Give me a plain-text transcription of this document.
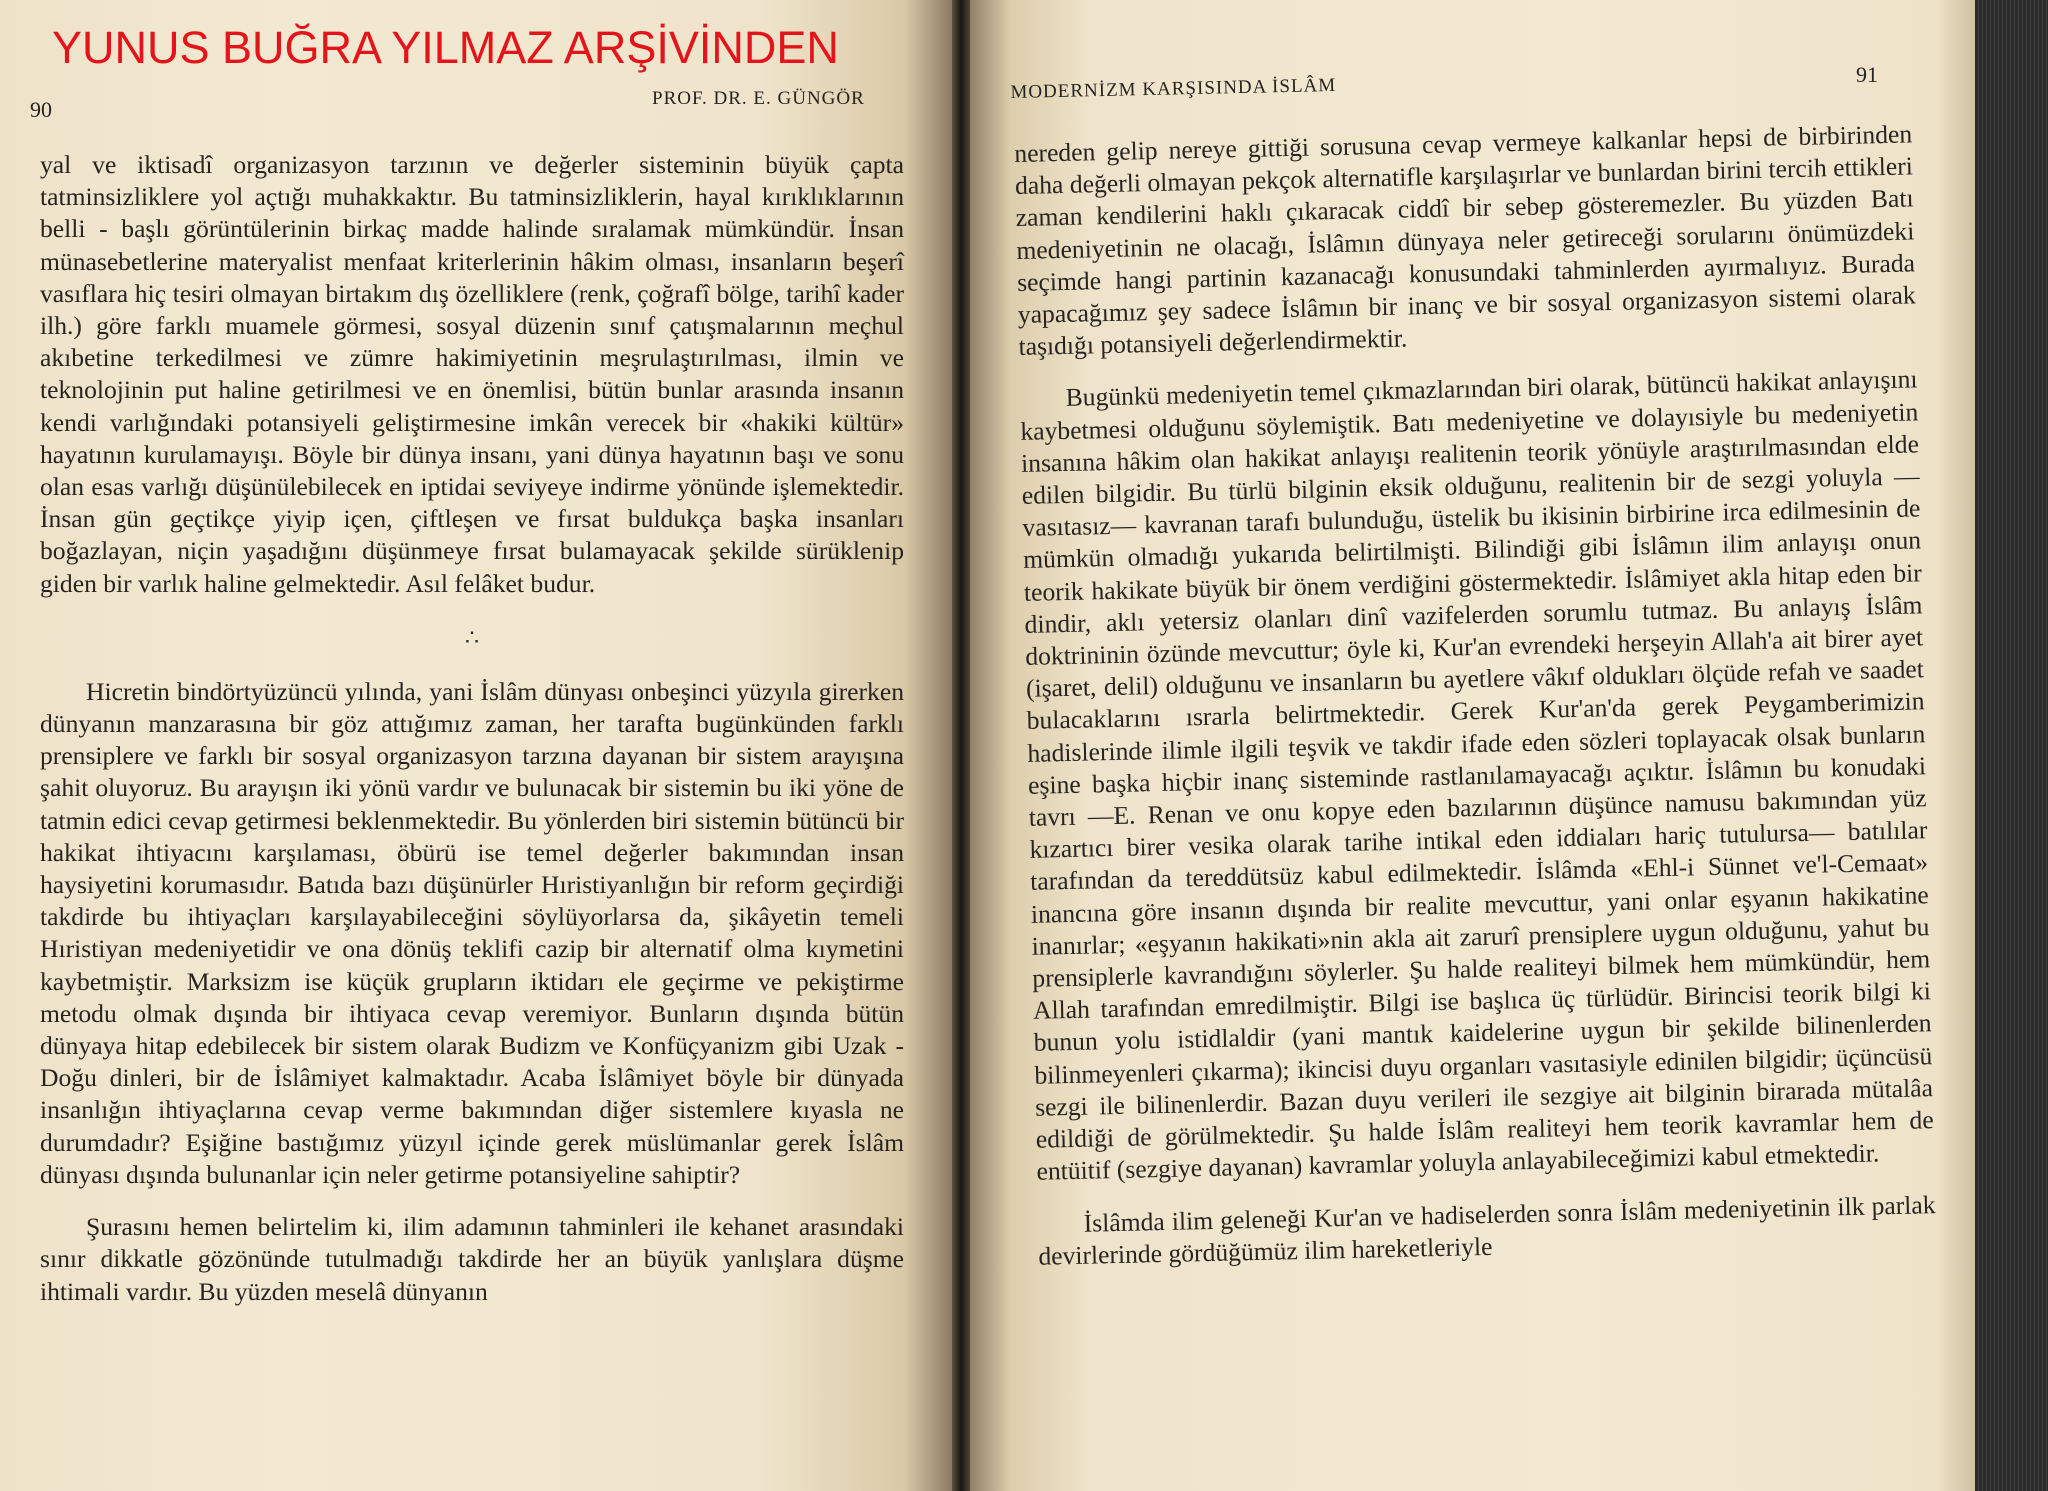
YUNUS BUĞRA YILMAZ ARŞİVİNDEN
90	PROF. DR. E. GÜNGÖR

yal ve iktisadî organizasyon tarzının ve değerler sisteminin büyük çapta tatminsizliklere yol açtığı muhakkaktır. Bu tatminsizliklerin, hayal kırıklıklarının belli - başlı görüntülerinin birkaç madde halinde sıralamak mümkündür. İnsan münasebetlerine materyalist menfaat kriterlerinin hâkim olması, insanların beşerî vasıflara hiç tesiri olmayan birtakım dış özelliklere (renk, çoğrafî bölge, tarihî kader ilh.) göre farklı muamele görmesi, sosyal düzenin sınıf çatışmalarının meçhul akıbetine terkedilmesi ve zümre hakimiyetinin meşrulaştırılması, ilmin ve teknolojinin put haline getirilmesi ve en önemlisi, bütün bunlar arasında insanın kendi varlığındaki potansiyeli geliştirmesine imkân verecek bir «hakiki kültür» hayatının kurulamayışı. Böyle bir dünya insanı, yani dünya hayatının başı ve sonu olan esas varlığı düşünülebilecek en iptidai seviyeye indirme yönünde işlemektedir. İnsan gün geçtikçe yiyip içen, çiftleşen ve fırsat buldukça başka insanları boğazlayan, niçin yaşadığını düşünmeye fırsat bulamayacak şekilde sürüklenip giden bir varlık haline gelmektedir. Asıl felâket budur.

∴

Hicretin bindörtyüzüncü yılında, yani İslâm dünyası onbeşinci yüzyıla girerken dünyanın manzarasına bir göz attığımız zaman, her tarafta bugünkünden farklı prensiplere ve farklı bir sosyal organizasyon tarzına dayanan bir sistem arayışına şahit oluyoruz. Bu arayışın iki yönü vardır ve bulunacak bir sistemin bu iki yöne de tatmin edici cevap getirmesi beklenmektedir. Bu yönlerden biri sistemin bütüncü bir hakikat ihtiyacını karşılaması, öbürü ise temel değerler bakımından insan haysiyetini korumasıdır. Batıda bazı düşünürler Hıristiyanlığın bir reform geçirdiği takdirde bu ihtiyaçları karşılayabileceğini söylüyorlarsa da, şikâyetin temeli Hıristiyan medeniyetidir ve ona dönüş teklifi cazip bir alternatif olma kıymetini kaybetmiştir. Marksizm ise küçük grupların iktidarı ele geçirme ve pekiştirme metodu olmak dışında bir ihtiyaca cevap veremiyor. Bunların dışında bütün dünyaya hitap edebilecek bir sistem olarak Budizm ve Konfüçyanizm gibi Uzak - Doğu dinleri, bir de İslâmiyet kalmaktadır. Acaba İslâmiyet böyle bir dünyada insanlığın ihtiyaçlarına cevap verme bakımından diğer sistemlere kıyasla ne durumdadır? Eşiğine bastığımız yüzyıl içinde gerek müslümanlar gerek İslâm dünyası dışında bulunanlar için neler getirme potansiyeline sahiptir?

Şurasını hemen belirtelim ki, ilim adamının tahminleri ile kehanet arasındaki sınır dikkatle gözönünde tutulmadığı takdirde her an büyük yanlışlara düşme ihtimali vardır. Bu yüzden meselâ dünyanın

91
MODERNİZM KARŞISINDA İSLÂM

nereden gelip nereye gittiği sorusuna cevap vermeye kalkanlar hepsi de birbirinden daha değerli olmayan pekçok alternatifle karşılaşırlar ve bunlardan birini tercih ettikleri zaman kendilerini haklı çıkaracak ciddî bir sebep gösteremezler. Bu yüzden Batı medeniyetinin ne olacağı, İslâmın dünyaya neler getireceği sorularını önümüzdeki seçimde hangi partinin kazanacağı konusundaki tahminlerden ayırmalıyız. Burada yapacağımız şey sadece İslâmın bir inanç ve bir sosyal organizasyon sistemi olarak taşıdığı potansiyeli değerlendirmektir.

Bugünkü medeniyetin temel çıkmazlarından biri olarak, bütüncü hakikat anlayışını kaybetmesi olduğunu söylemiştik. Batı medeniyetine ve dolayısiyle bu medeniyetin insanına hâkim olan hakikat anlayışı realitenin teorik yönüyle araştırılmasından elde edilen bilgidir. Bu türlü bilginin eksik olduğunu, realitenin bir de sezgi yoluyla —vasıtasız— kavranan tarafı bulunduğu, üstelik bu ikisinin birbirine irca edilmesinin de mümkün olmadığı yukarıda belirtilmişti. Bilindiği gibi İslâmın ilim anlayışı onun teorik hakikate büyük bir önem verdiğini göstermektedir. İslâmiyet akla hitap eden bir dindir, aklı yetersiz olanları dinî vazifelerden sorumlu tutmaz. Bu anlayış İslâm doktrininin özünde mevcuttur; öyle ki, Kur'an evrendeki herşeyin Allah'a ait birer ayet (işaret, delil) olduğunu ve insanların bu ayetlere vâkıf oldukları ölçüde refah ve saadet bulacaklarını ısrarla belirtmektedir. Gerek Kur'an'da gerek Peygamberimizin hadislerinde ilimle ilgili teşvik ve takdir ifade eden sözleri toplayacak olsak bunların eşine başka hiçbir inanç sisteminde rastlanılamayacağı açıktır. İslâmın bu konudaki tavrı —E. Renan ve onu kopye eden bazılarının düşünce namusu bakımından yüz kızartıcı birer vesika olarak tarihe intikal eden iddiaları hariç tutulursa— batılılar tarafından da tereddütsüz kabul edilmektedir. İslâmda «Ehl-i Sünnet ve'l-Cemaat» inancına göre insanın dışında bir realite mevcuttur, yani onlar eşyanın hakikatine inanırlar; «eşyanın hakikati»nin akla ait zarurî prensiplere uygun olduğunu, yahut bu prensiplerle kavrandığını söylerler. Şu halde realiteyi bilmek hem mümkündür, hem Allah tarafından emredilmiştir. Bilgi ise başlıca üç türlüdür. Birincisi teorik bilgi ki bunun yolu istidlaldir (yani mantık kaidelerine uygun bir şekilde bilinenlerden bilinmeyenleri çıkarma); ikincisi duyu organları vasıtasiyle edinilen bilgidir; üçüncüsü sezgi ile bilinenlerdir. Bazan duyu verileri ile sezgiye ait bilginin birarada mütalâa edildiği de görülmektedir. Şu halde İslâm realiteyi hem teorik kavramlar hem de entüitif (sezgiye dayanan) kavramlar yoluyla anlayabileceğimizi kabul etmektedir.

İslâmda ilim geleneği Kur'an ve hadiselerden sonra İslâm medeniyetinin ilk parlak devirlerinde gördüğümüz ilim hareketleriyle
